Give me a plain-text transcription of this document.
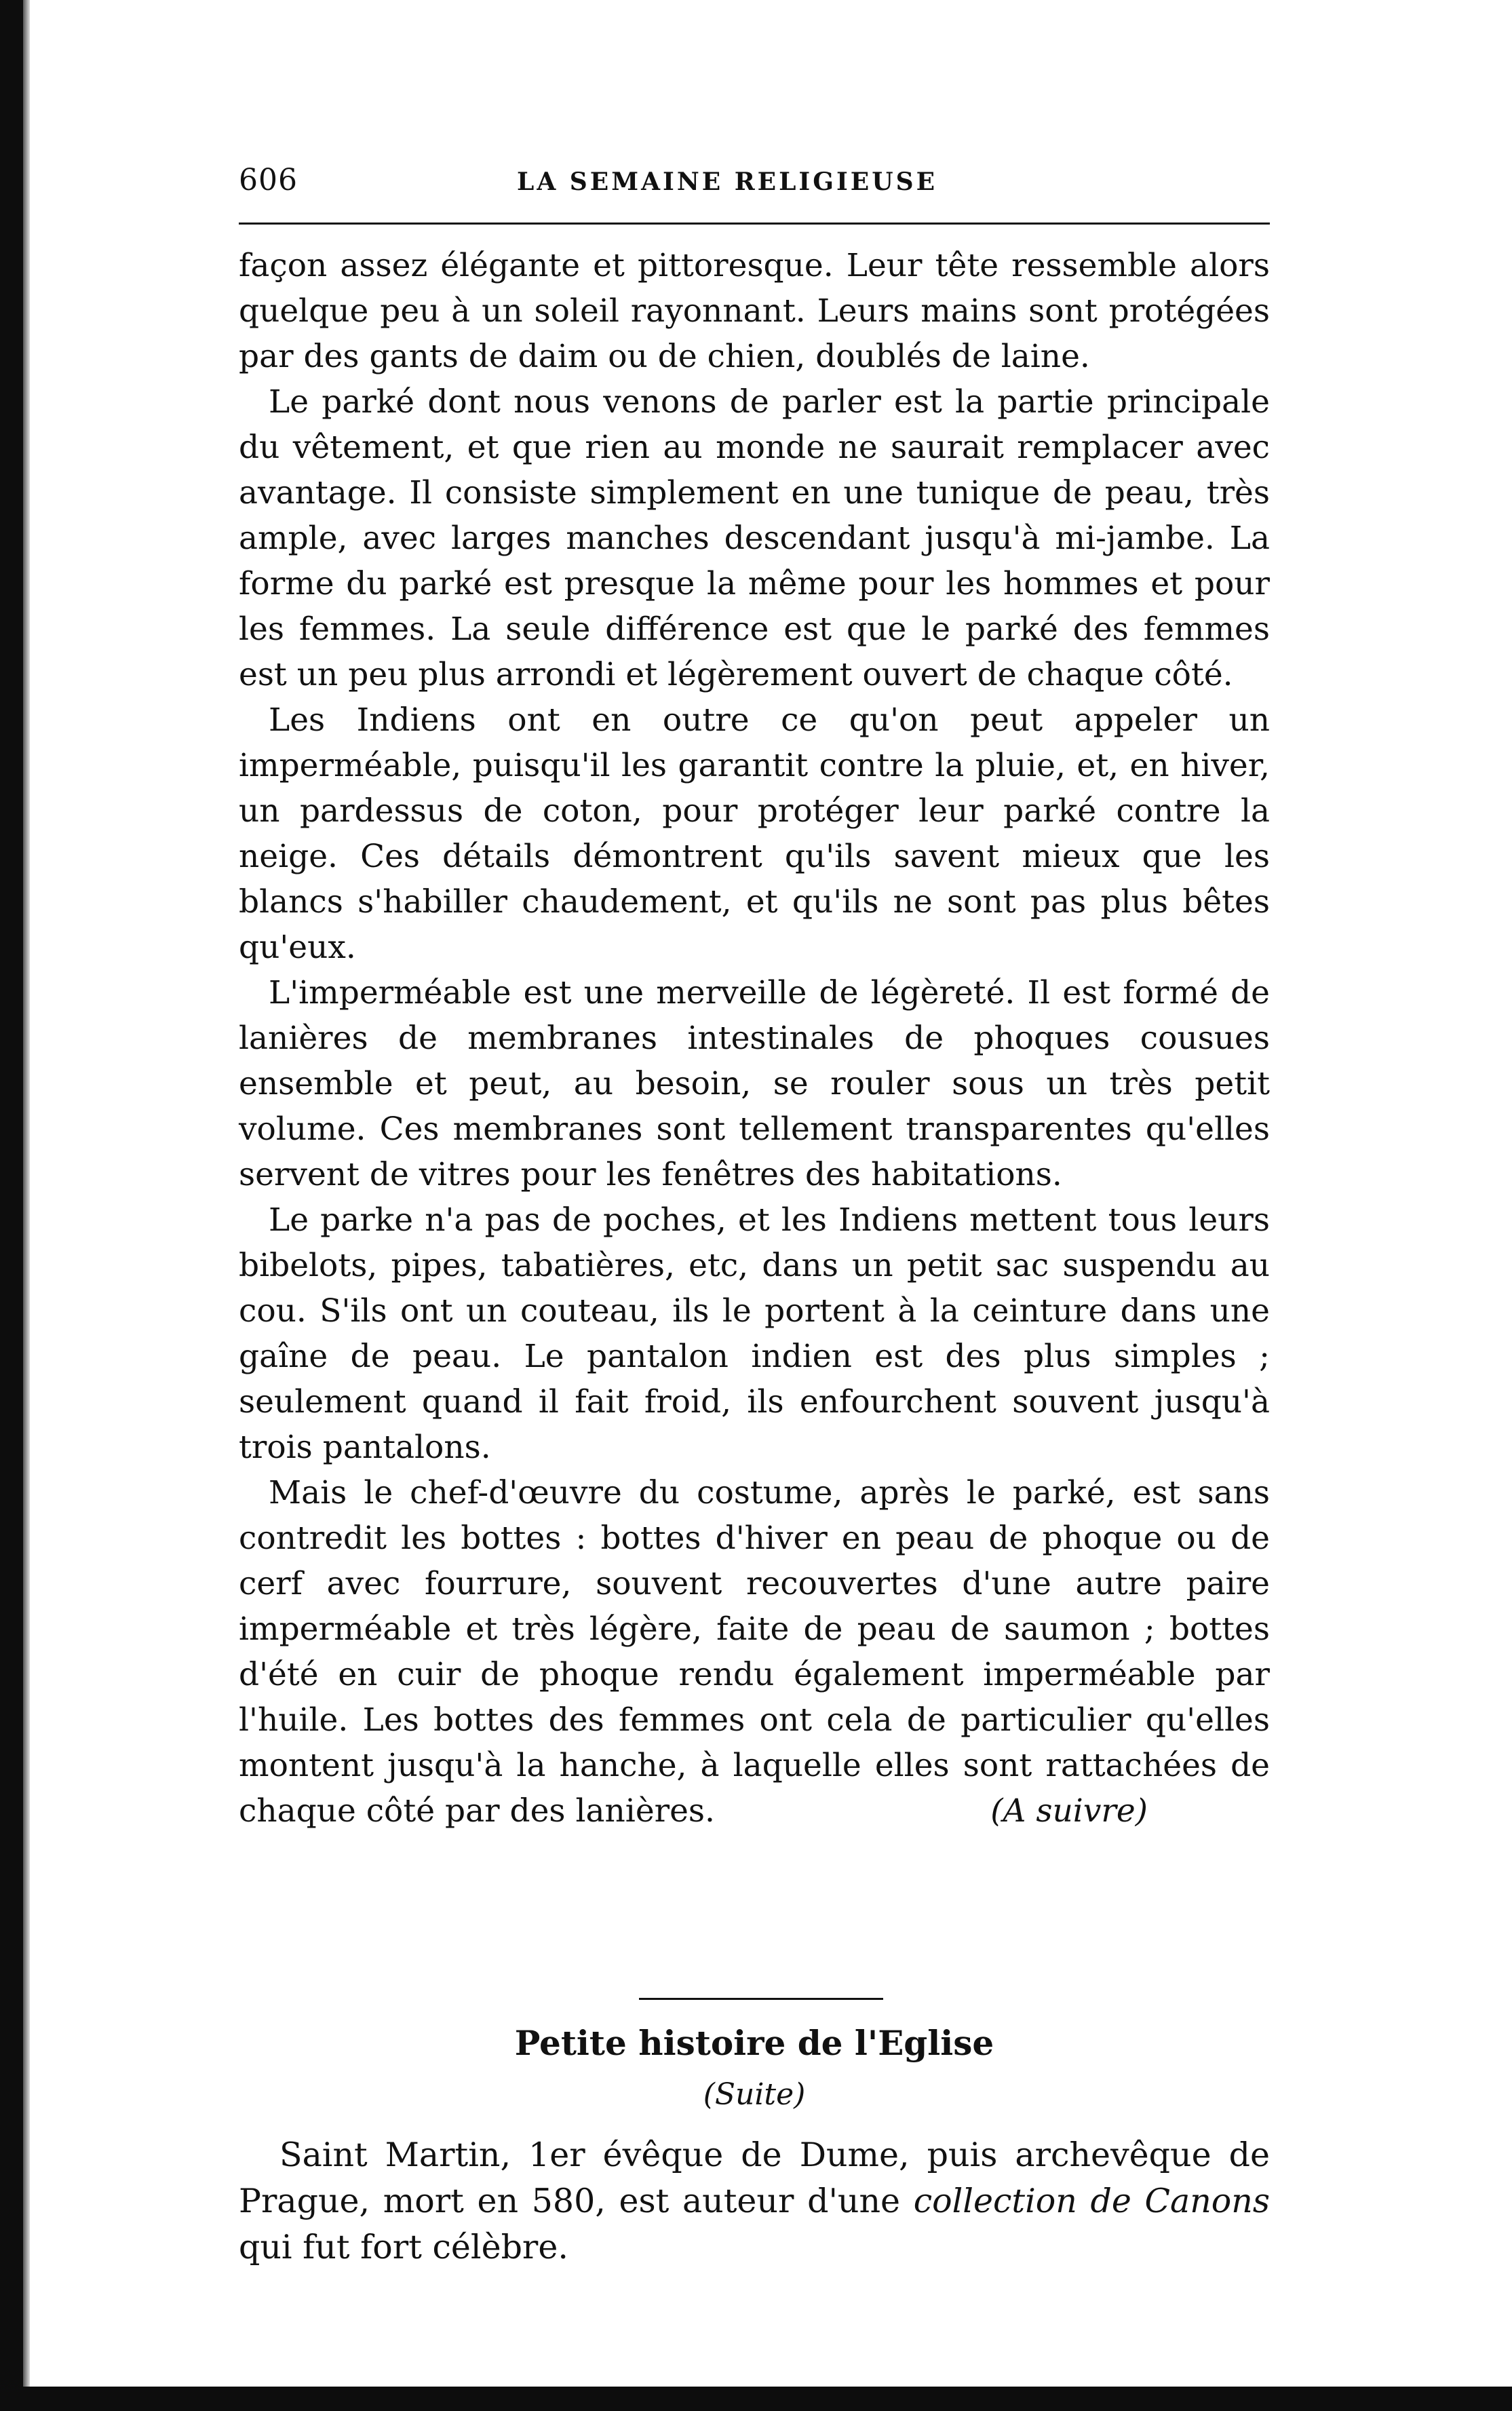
606	LA SEMAINE RELIGIEUSE

façon assez élégante et pittoresque. Leur tête ressemble alors quelque peu à un soleil rayonnant. Leurs mains sont protégées par des gants de daim ou de chien, doublés de laine.

Le parké dont nous venons de parler est la partie principale du vêtement, et que rien au monde ne saurait remplacer avec avantage. Il consiste simplement en une tunique de peau, très ample, avec larges manches descendant jusqu'à mi-jambe. La forme du parké est presque la même pour les hommes et pour les femmes. La seule différence est que le parké des femmes est un peu plus arrondi et légèrement ouvert de chaque côté.

Les Indiens ont en outre ce qu'on peut appeler un imperméable, puisqu'il les garantit contre la pluie, et, en hiver, un pardessus de coton, pour protéger leur parké contre la neige. Ces détails démontrent qu'ils savent mieux que les blancs s'habiller chaudement, et qu'ils ne sont pas plus bêtes qu'eux.

L'imperméable est une merveille de légèreté. Il est formé de lanières de membranes intestinales de phoques cousues ensemble et peut, au besoin, se rouler sous un très petit volume. Ces membranes sont tellement transparentes qu'elles servent de vitres pour les fenêtres des habitations.

Le parke n'a pas de poches, et les Indiens mettent tous leurs bibelots, pipes, tabatières, etc, dans un petit sac suspendu au cou. S'ils ont un couteau, ils le portent à la ceinture dans une gaîne de peau. Le pantalon indien est des plus simples ; seulement quand il fait froid, ils enfourchent souvent jusqu'à trois pantalons.

Mais le chef-d'œuvre du costume, après le parké, est sans contredit les bottes : bottes d'hiver en peau de phoque ou de cerf avec fourrure, souvent recouvertes d'une autre paire imperméable et très légère, faite de peau de saumon ; bottes d'été en cuir de phoque rendu également imperméable par l'huile. Les bottes des femmes ont cela de particulier qu'elles montent jusqu'à la hanche, à laquelle elles sont rattachées de chaque côté par des lanières.	(A suivre)

Petite histoire de l'Eglise
(Suite)

Saint Martin, 1er évêque de Dume, puis archevêque de Prague, mort en 580, est auteur d'une collection de Canons qui fut fort célèbre.
